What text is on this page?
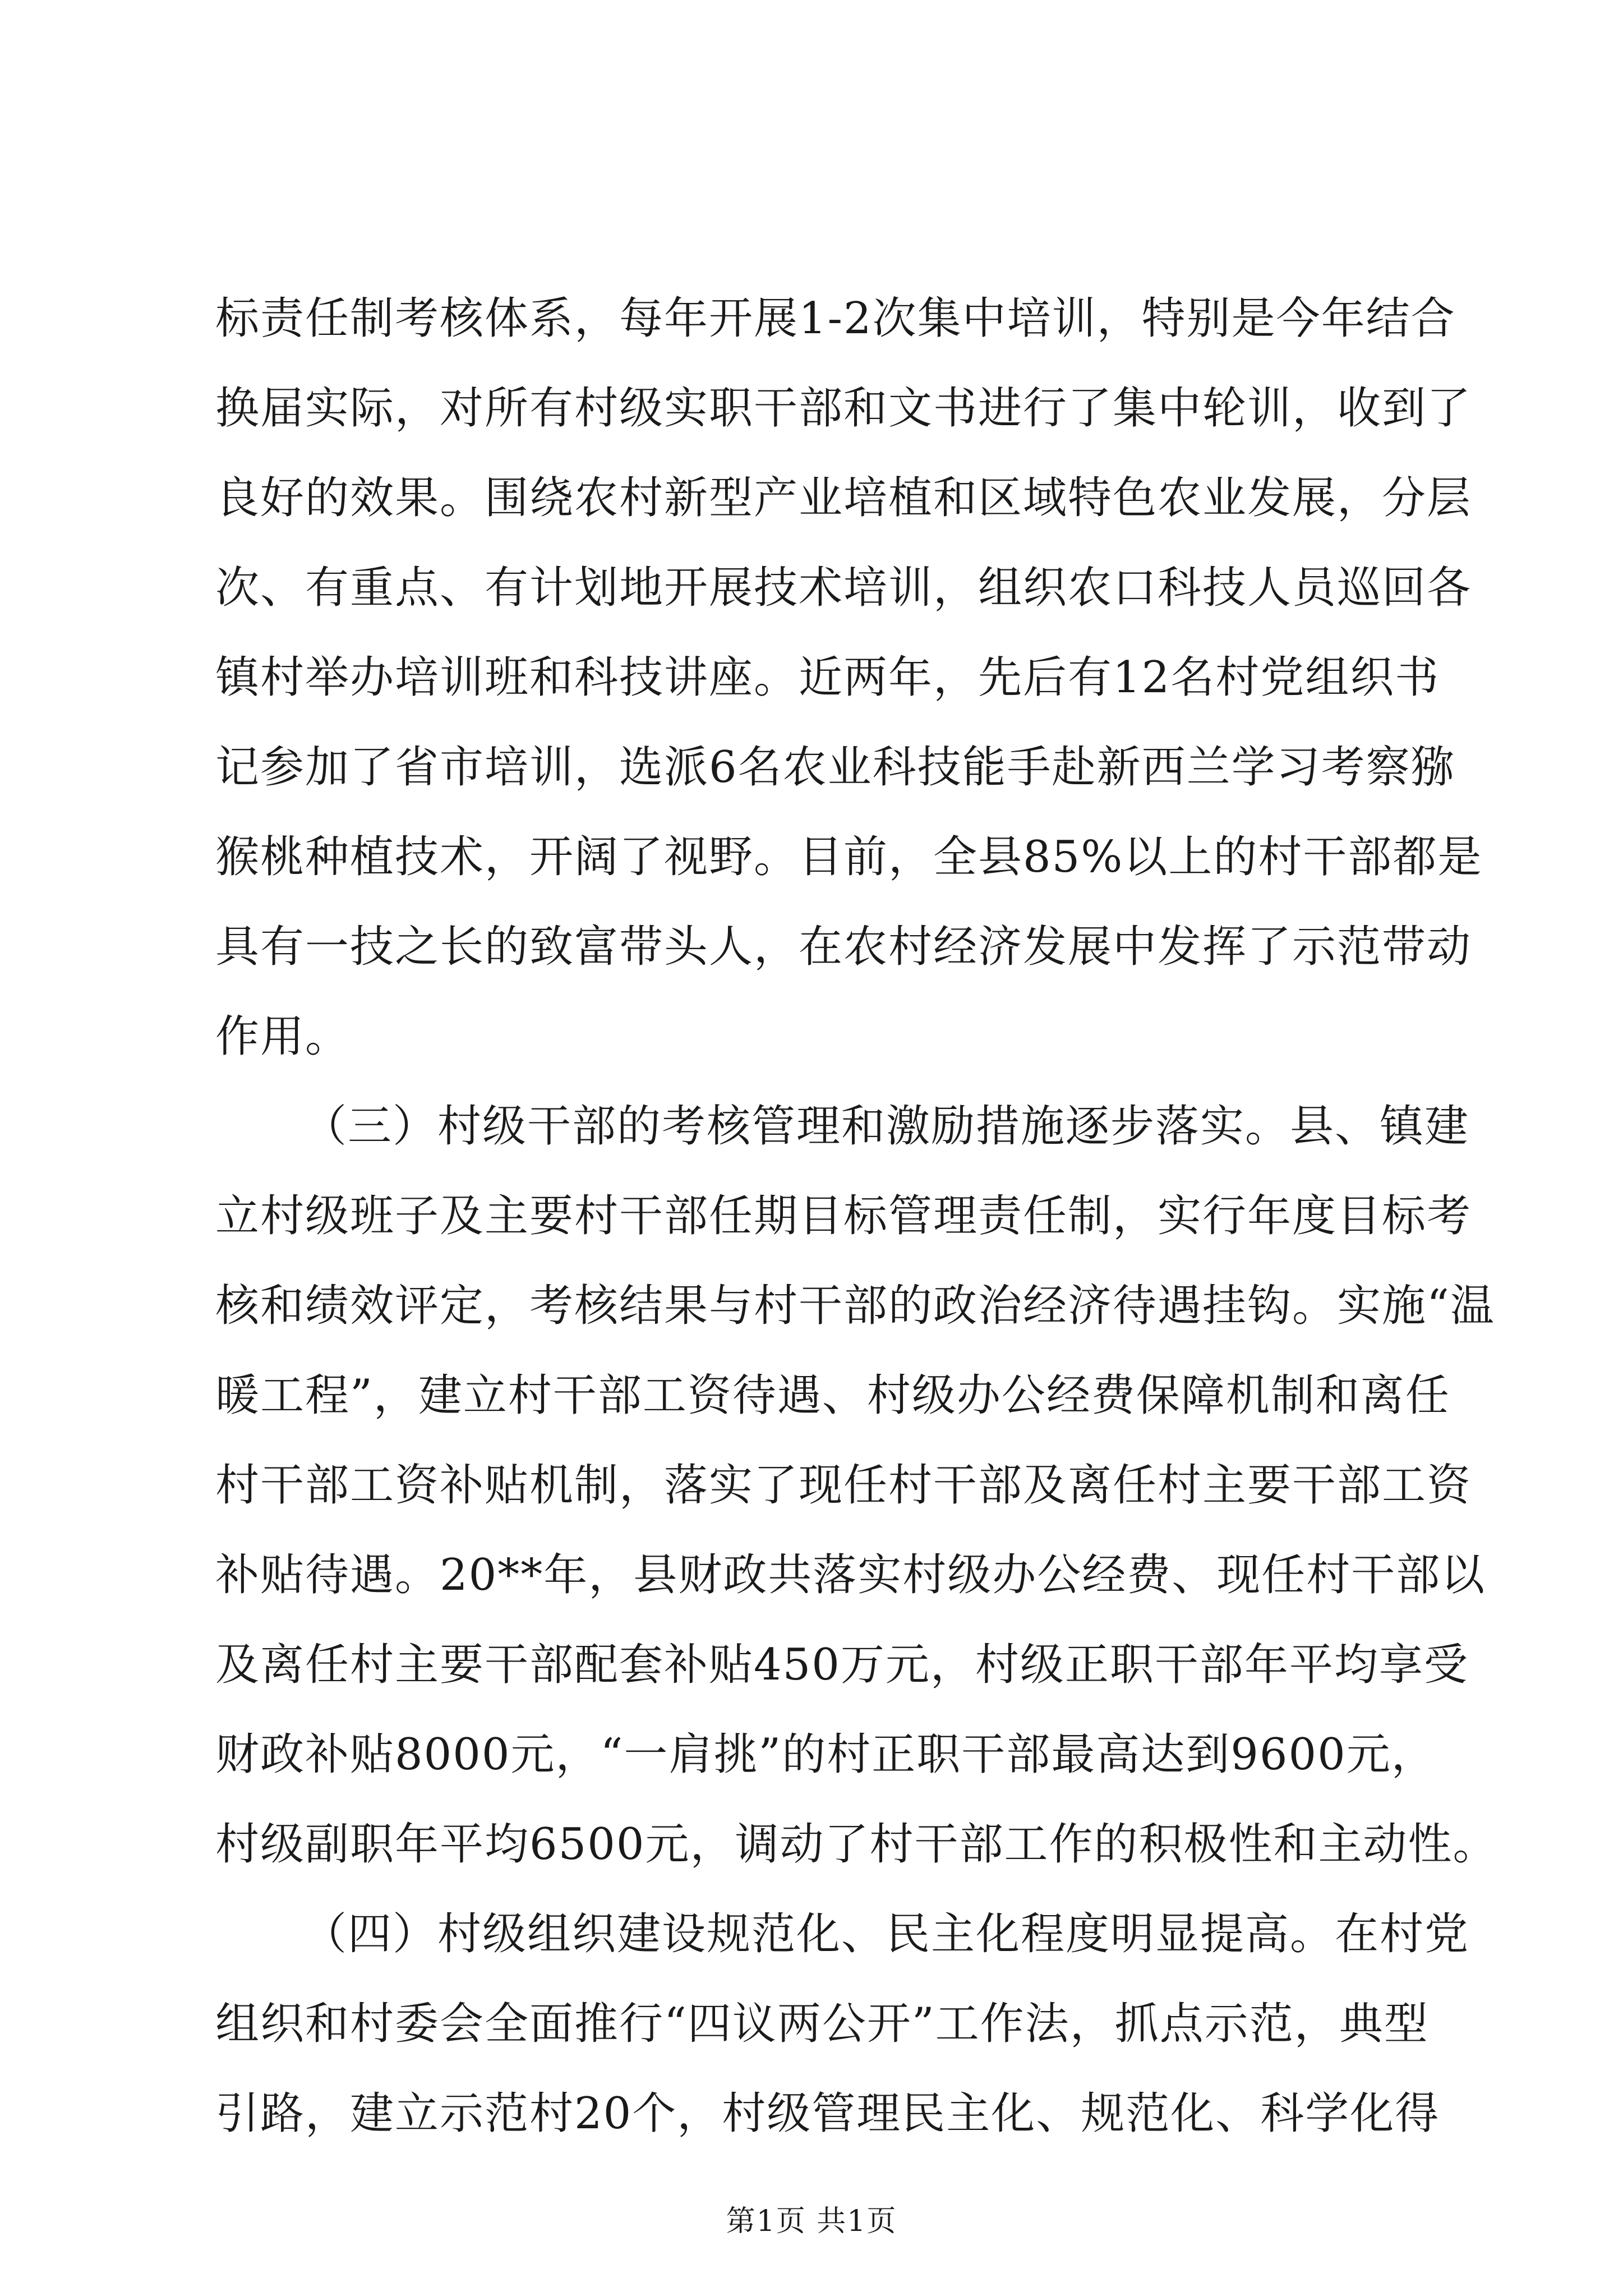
标责任制考核体系，每年开展1-2次集中培训，特别是今年结合
换届实际，对所有村级实职干部和文书进行了集中轮训，收到了
良好的效果。围绕农村新型产业培植和区域特色农业发展，分层
次、有重点、有计划地开展技术培训，组织农口科技人员巡回各
镇村举办培训班和科技讲座。近两年，先后有12名村党组织书
记参加了省市培训，选派6名农业科技能手赴新西兰学习考察猕
猴桃种植技术，开阔了视野。目前，全县85%以上的村干部都是
具有一技之长的致富带头人，在农村经济发展中发挥了示范带动
作用。
（三）村级干部的考核管理和激励措施逐步落实。县、镇建
立村级班子及主要村干部任期目标管理责任制，实行年度目标考
核和绩效评定，考核结果与村干部的政治经济待遇挂钩。实施“温
暖工程”，建立村干部工资待遇、村级办公经费保障机制和离任
村干部工资补贴机制，落实了现任村干部及离任村主要干部工资
补贴待遇。20**年，县财政共落实村级办公经费、现任村干部以
及离任村主要干部配套补贴450万元，村级正职干部年平均享受
财政补贴8000元，“一肩挑”的村正职干部最高达到9600元，
村级副职年平均6500元，调动了村干部工作的积极性和主动性。
（四）村级组织建设规范化、民主化程度明显提高。在村党
组织和村委会全面推行“四议两公开”工作法，抓点示范，典型
引路，建立示范村20个，村级管理民主化、规范化、科学化得
第1页 共1页
